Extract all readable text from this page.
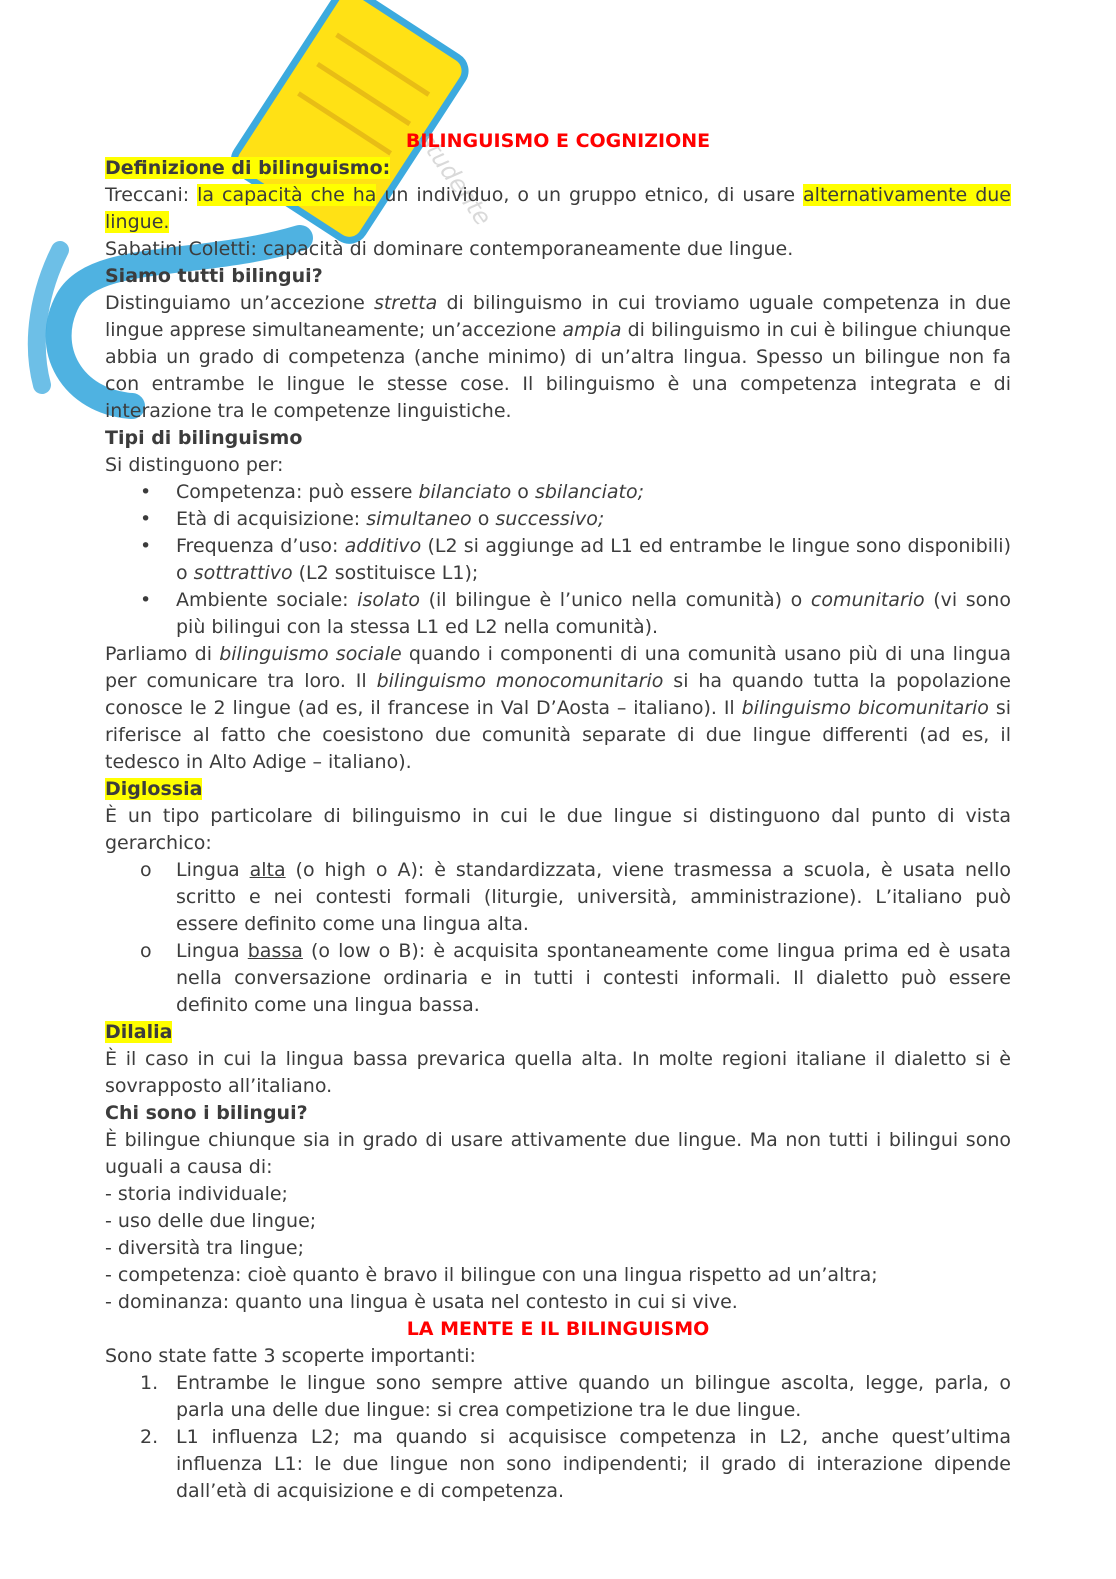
studente
BILINGUISMO E COGNIZIONE
Definizione di bilinguismo:
Treccani: la capacità che ha un individuo, o un gruppo etnico, di usare alternativamente due lingue.
Sabatini Coletti: capacità di dominare contemporaneamente due lingue.
Siamo tutti bilingui?
Distinguiamo un’accezione stretta di bilinguismo in cui troviamo uguale competenza in due lingue apprese simultaneamente; un’accezione ampia di bilinguismo in cui è bilingue chiunque abbia un grado di competenza (anche minimo) di un’altra lingua. Spesso un bilingue non fa con entrambe le lingue le stesse cose. Il bilinguismo è una competenza integrata e di interazione tra le competenze linguistiche.
Tipi di bilinguismo
Si distinguono per:
•	Competenza: può essere bilanciato o sbilanciato;
•	Età di acquisizione: simultaneo o successivo;
•	Frequenza d’uso: additivo (L2 si aggiunge ad L1 ed entrambe le lingue sono disponibili) o sottrattivo (L2 sostituisce L1);
•	Ambiente sociale: isolato (il bilingue è l’unico nella comunità) o comunitario (vi sono più bilingui con la stessa L1 ed L2 nella comunità).
Parliamo di bilinguismo sociale quando i componenti di una comunità usano più di una lingua per comunicare tra loro. Il bilinguismo monocomunitario si ha quando tutta la popolazione conosce le 2 lingue (ad es, il francese in Val D’Aosta – italiano). Il bilinguismo bicomunitario si riferisce al fatto che coesistono due comunità separate di due lingue differenti (ad es, il tedesco in Alto Adige – italiano).
Diglossia
È un tipo particolare di bilinguismo in cui le due lingue si distinguono dal punto di vista gerarchico:
o	Lingua alta (o high o A): è standardizzata, viene trasmessa a scuola, è usata nello scritto e nei contesti formali (liturgie, università, amministrazione). L’italiano può essere definito come una lingua alta.
o	Lingua bassa (o low o B): è acquisita spontaneamente come lingua prima ed è usata nella conversazione ordinaria e in tutti i contesti informali. Il dialetto può essere definito come una lingua bassa.
Dilalia
È il caso in cui la lingua bassa prevarica quella alta. In molte regioni italiane il dialetto si è sovrapposto all’italiano.
Chi sono i bilingui?
È bilingue chiunque sia in grado di usare attivamente due lingue. Ma non tutti i bilingui sono uguali a causa di:
- storia individuale;
- uso delle due lingue;
- diversità tra lingue;
- competenza: cioè quanto è bravo il bilingue con una lingua rispetto ad un’altra;
- dominanza: quanto una lingua è usata nel contesto in cui si vive.
LA MENTE E IL BILINGUISMO
Sono state fatte 3 scoperte importanti:
1. Entrambe le lingue sono sempre attive quando un bilingue ascolta, legge, parla, o parla una delle due lingue: si crea competizione tra le due lingue.
2. L1 influenza L2; ma quando si acquisisce competenza in L2, anche quest’ultima influenza L1: le due lingue non sono indipendenti; il grado di interazione dipende dall’età di acquisizione e di competenza.
